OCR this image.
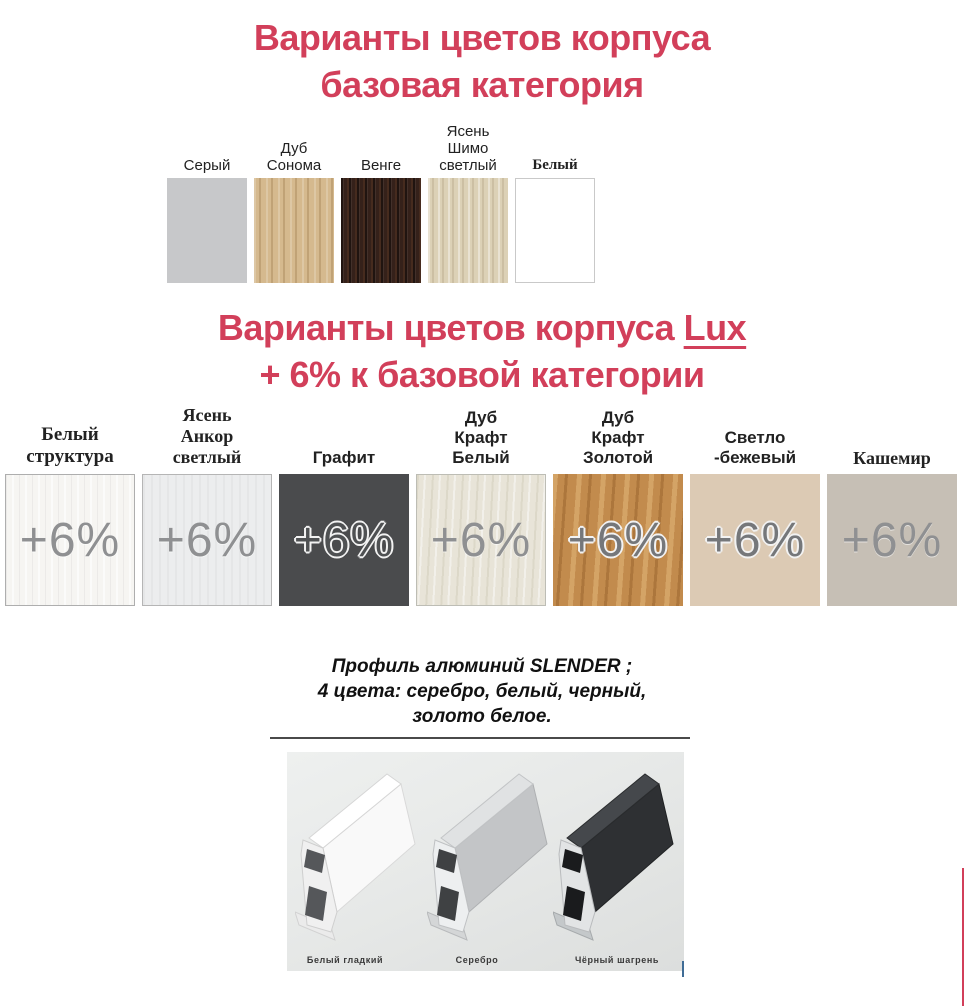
Варианты цветов корпуса
базовая категория
Серый
Дуб Сонома	Венге
Ясень Шимо светлый	Белый
Варианты цветов корпуса Lux
+ 6% к базовой категории
Белый структура
+6%
Ясень Анкор светлый
+6%
Графит
+6%
Дуб Крафт Белый
+6%
Дуб Крафт Золотой
+6%
Светло -бежевый
+6%
Кашемир
+6%
Профиль алюминий SLENDER ;
4 цвета: серебро, белый, черный,
золото белое.
Белый гладкий	Серебро	Чёрный шагрень
